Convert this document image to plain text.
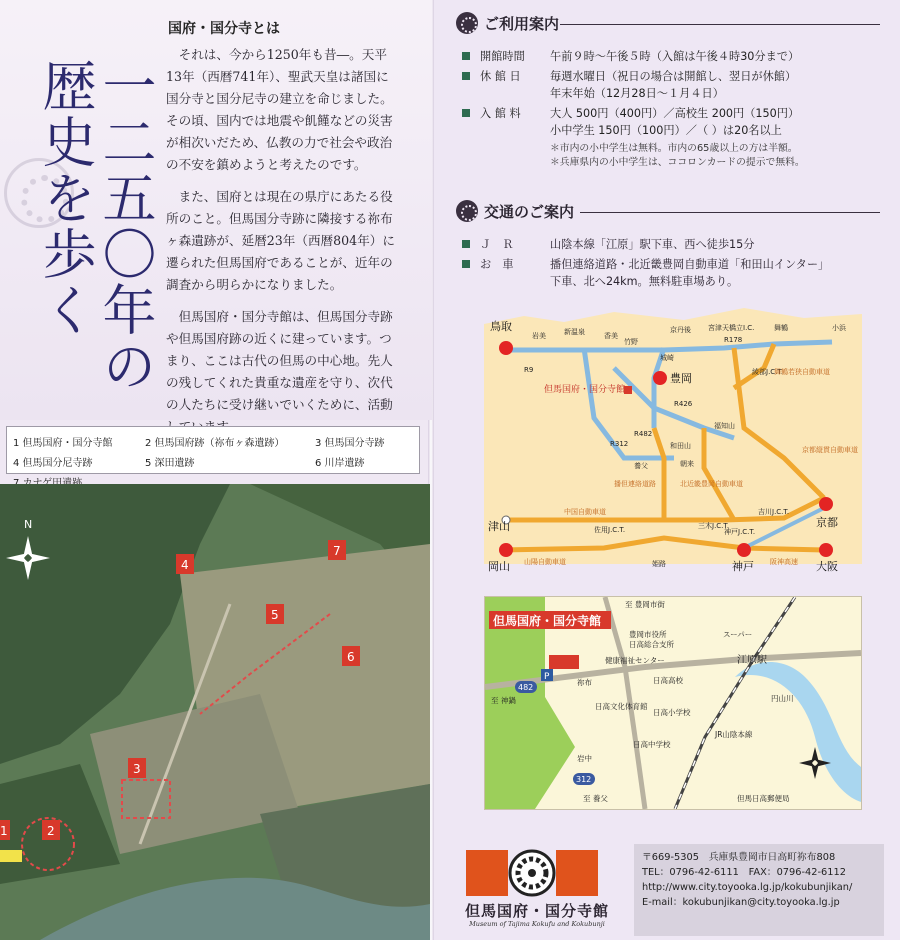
一二五〇年の
歴史を歩く
国府・国分寺とは

それは、今から1250年も昔―。天平13年（西暦741年）、聖武天皇は諸国に国分寺と国分尼寺の建立を命じました。その頃、国内では地震や飢饉などの災害が相次いだため、仏教の力で社会や政治の不安を鎮めようと考えたのです。

また、国府とは現在の県庁にあたる役所のこと。但馬国分寺跡に隣接する祢布ヶ森遺跡が、延暦23年（西暦804年）に遷られた但馬国府であることが、近年の調査から明らかになりました。

但馬国府・国分寺館は、但馬国分寺跡や但馬国府跡の近くに建っています。つまり、ここは古代の但馬の中心地。先人の残してくれた貴重な遺産を守り、次代の人たちに受け継いでいくために、活動

1 但馬国府・国分寺館	2 但馬国府跡（祢布ヶ森遺跡）	3 但馬国分寺跡
4 但馬国分尼寺跡	5 深田遺跡	6 川岸遺跡
N
1	2
3
4
5
6
7
ご利用案内
開館時間	午前９時～午後５時（入館は午後４時30分まで）
休 館 日	毎週水曜日（祝日の場合は開館し、翌日が休館）
年末年始（12月28日～１月４日）
入 館 料	大人 500円（400円）／高校生 200円（150円）
小中学生 150円（100円）／（ ）は20名以上
＊市内の小中学生は無料。市内の65歳以上の方は半額。
＊兵庫県内の小中学生は、ココロンカードの提示で無料。
交通のご案内
Ｊ　Ｒ	山陰本線「江原」駅下車、西へ徒歩15分
お　車	播但連絡道路・北近畿豊岡自動車道「和田山インター」
下車、北へ24km。無料駐車場あり。
鳥取
豊岡
京都
岡山	神戸	大阪
津山
岩美	新温泉	香美
竹野
城崎
京丹後 宮津天橋立I.C.	舞鶴	小浜
R9
R178
R482
R426
R312
但馬国府・国分寺館
和田山
養父	朝来
福知山
綾部J.C.T.
播但連絡道路	北近畿豊岡自動車道
中国自動車道
山陽自動車道
舞鶴若狭自動車道
京都縦貫自動車道
阪神高速
姫路
神戸J.C.T.
三木J.C.T.
佐用J.C.T.
吉川J.C.T.
P
但馬国府・国分寺館
至 豊岡市街
豊岡市役所
日高総合支所
健康福祉センター
スーパー
江原駅
円山川
日高高校
日高文化体育館
日高小学校
日高中学校
JR山陰本線
至 神鍋
至 養父
祢布
岩中
但馬日高郵便局
482
312
但馬国府・国分寺館
Museum of Tajima Kokufu and Kokubunji
〒669-5305　兵庫県豊岡市日高町祢布808
TEL：0796-42-6111　FAX：0796-42-6112
http://www.city.toyooka.lg.jp/kokubunjikan/
E-mail：kokubunjikan@city.toyooka.lg.jp
